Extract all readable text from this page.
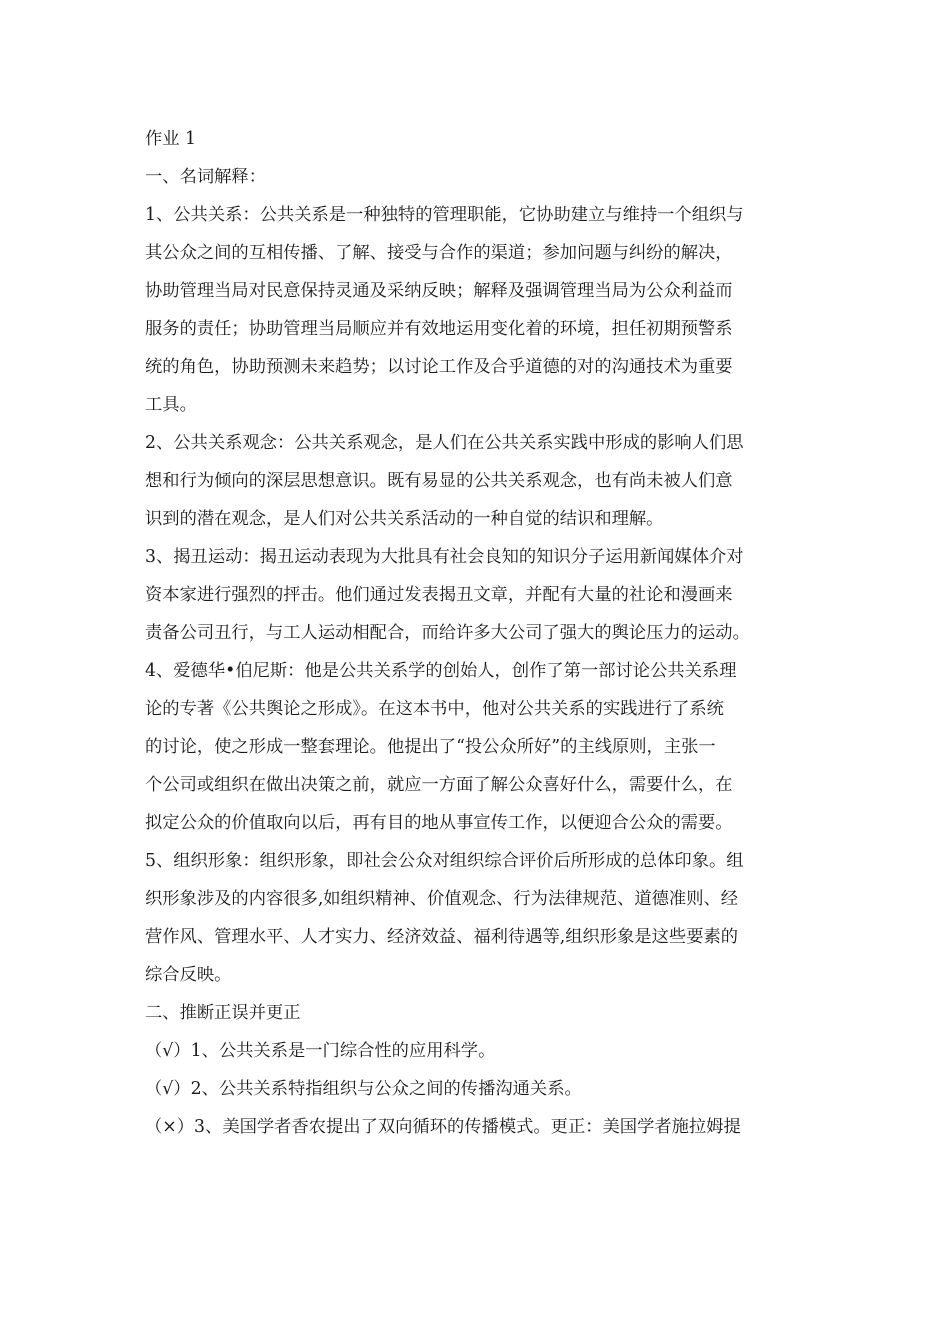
作业 1

一、名词解释：

1、公共关系：公共关系是一种独特的管理职能，它协助建立与维持一个组织与

其公众之间的互相传播、了解、接受与合作的渠道；参加问题与纠纷的解决，

协助管理当局对民意保持灵通及采纳反映；解释及强调管理当局为公众利益而

服务的责任；协助管理当局顺应并有效地运用变化着的环境，担任初期预警系

统的角色，协助预测未来趋势；以讨论工作及合乎道德的对的沟通技术为重要

工具。

2、公共关系观念：公共关系观念，是人们在公共关系实践中形成的影响人们思

想和行为倾向的深层思想意识。既有易显的公共关系观念，也有尚未被人们意

识到的潜在观念，是人们对公共关系活动的一种自觉的结识和理解。

3、揭丑运动：揭丑运动表现为大批具有社会良知的知识分子运用新闻媒体介对

资本家进行强烈的抨击。他们通过发表揭丑文章，并配有大量的社论和漫画来

责备公司丑行，与工人运动相配合，而给许多大公司了强大的舆论压力的运动。

4、爱德华•伯尼斯：他是公共关系学的创始人，创作了第一部讨论公共关系理

论的专著《公共舆论之形成》。在这本书中，他对公共关系的实践进行了系统

的讨论，使之形成一整套理论。他提出了“投公众所好”的主线原则，主张一

个公司或组织在做出决策之前，就应一方面了解公众喜好什么，需要什么，在

拟定公众的价值取向以后，再有目的地从事宣传工作，以便迎合公众的需要。

5、组织形象：组织形象，即社会公众对组织综合评价后所形成的总体印象。组

织形象涉及的内容很多,如组织精神、价值观念、行为法律规范、道德准则、经

营作风、管理水平、人才实力、经济效益、福利待遇等,组织形象是这些要素的

综合反映。

二、推断正误并更正

（√）1、公共关系是一门综合性的应用科学。

（√）2、公共关系特指组织与公众之间的传播沟通关系。

（×）3、美国学者香农提出了双向循环的传播模式。更正：美国学者施拉姆提
